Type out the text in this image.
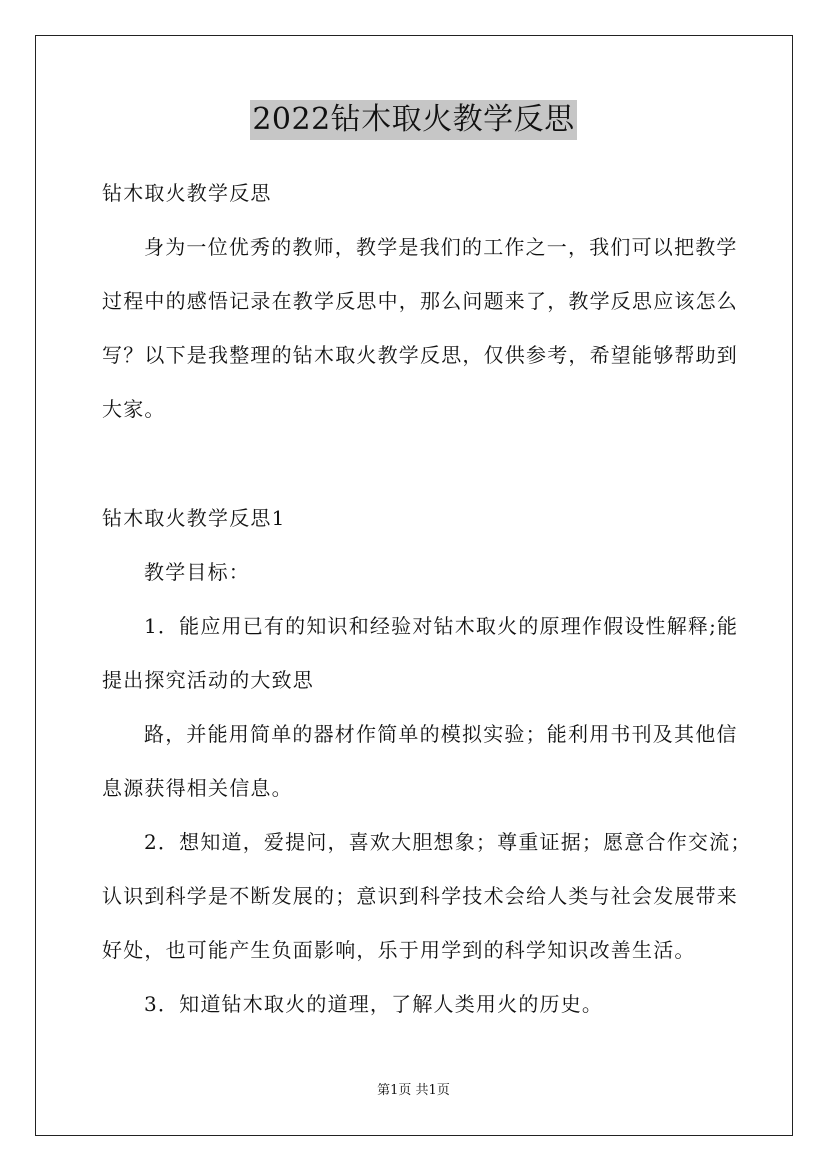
2022钻木取火教学反思
钻木取火教学反思
身为一位优秀的教师，教学是我们的工作之一，我们可以把教学
过程中的感悟记录在教学反思中，那么问题来了，教学反思应该怎么
写？以下是我整理的钻木取火教学反思，仅供参考，希望能够帮助到
大家。
钻木取火教学反思1
教学目标：
1．能应用已有的知识和经验对钻木取火的原理作假设性解释;能
提出探究活动的大致思
路，并能用简单的器材作简单的模拟实验；能利用书刊及其他信
息源获得相关信息。
2．想知道，爱提问，喜欢大胆想象；尊重证据；愿意合作交流；
认识到科学是不断发展的；意识到科学技术会给人类与社会发展带来
好处，也可能产生负面影响，乐于用学到的科学知识改善生活。
3．知道钻木取火的道理，了解人类用火的历史。
第1页 共1页
